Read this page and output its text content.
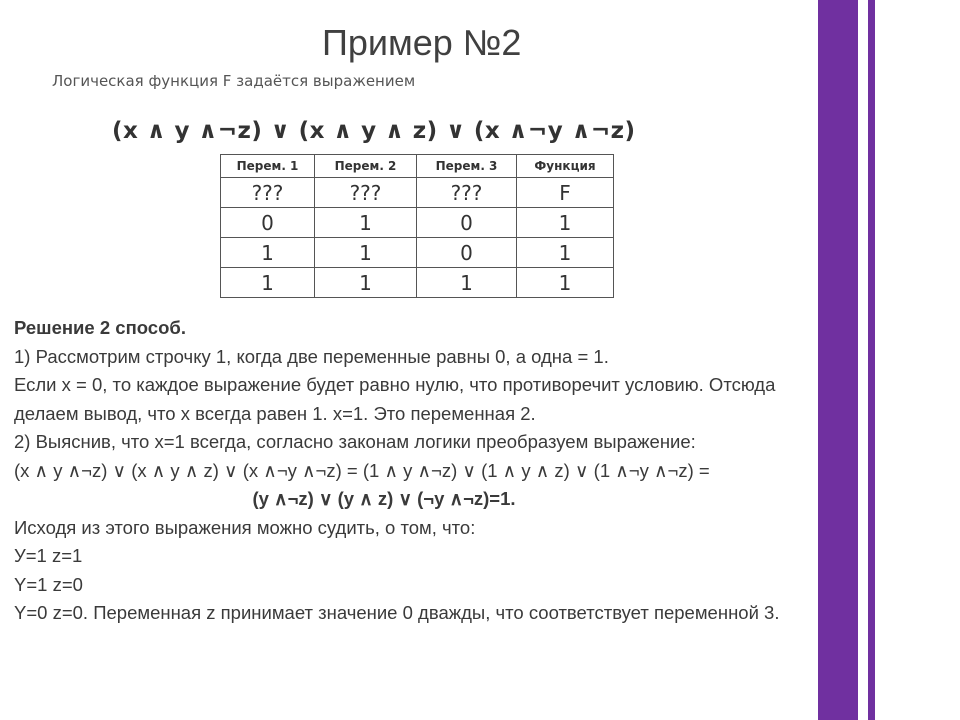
Пример №2
Логическая функция F задаётся выражением
(x ∧ y ∧¬z) ∨ (x ∧ y ∧ z) ∨ (x ∧¬y ∧¬z)
Перем. 1	Перем. 2	Перем. 3	Функция
???	???	???	F
0	1	0	1
1	1	0	1
1	1	1	1

Решение 2 способ.

1) Рассмотрим строчку 1, когда две переменные равны 0, а одна = 1.

Если x = 0, то каждое выражение будет равно нулю, что противоречит условию. Отсюда делаем вывод, что x всегда равен 1. x=1. Это переменная 2.

2) Выяснив, что x=1 всегда, согласно законам логики преобразуем выражение:

(x ∧ y ∧¬z) ∨ (x ∧ y ∧ z) ∨ (x ∧¬y ∧¬z) = (1 ∧ y ∧¬z) ∨ (1 ∧ y ∧ z) ∨ (1 ∧¬y ∧¬z) =

(y ∧¬z) ∨ (y ∧ z) ∨ (¬y ∧¬z)=1.

Исходя из этого выражения можно судить, о том, что:

У=1 z=1

Y=1 z=0

Y=0 z=0. Переменная z принимает значение 0 дважды, что соответствует переменной 3.
